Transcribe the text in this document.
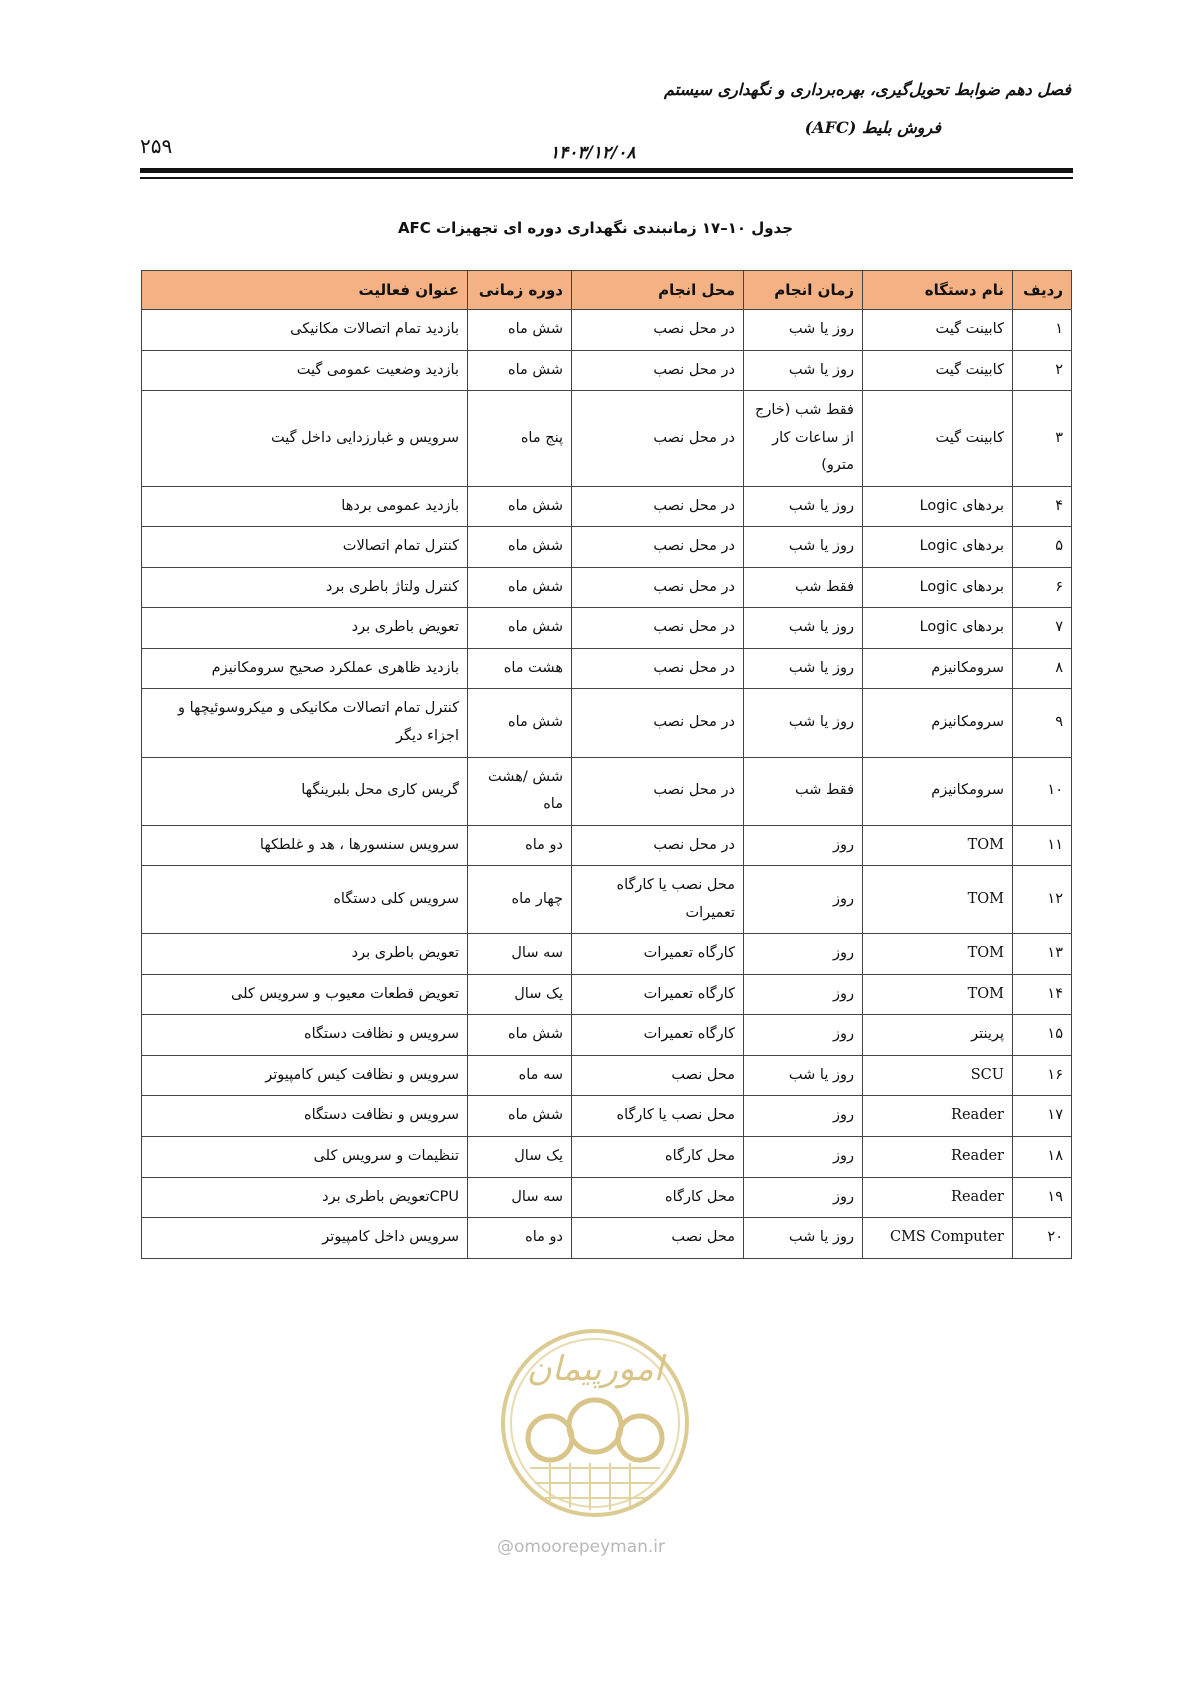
فصل دهم ضوابط تحویل‌گیری، بهره‌برداری و نگهداری سیستم
فروش بلیط (AFC)
۱۴۰۳/۱۲/۰۸
۲۵۹
جدول ۱۰–۱۷ زمانبندی نگهداری دوره ای تجهیزات AFC
ردیف	نام دستگاه	زمان انجام	محل انجام	دوره زمانی	عنوان فعالیت
۱	کابینت گیت	روز یا شب	در محل نصب	شش ماه	بازدید تمام اتصالات مکانیکی
۲	کابینت گیت	روز یا شب	در محل نصب	شش ماه	بازدید وضعیت عمومی گیت
۳	کابینت گیت	فقط شب (خارج از ساعات کار مترو)	در محل نصب	پنج ماه	سرویس و غبارزدایی داخل گیت
۴	بردهای Logic	روز یا شب	در محل نصب	شش ماه	بازدید عمومی بردها
۵	بردهای Logic	روز یا شب	در محل نصب	شش ماه	کنترل تمام اتصالات
۶	بردهای Logic	فقط شب	در محل نصب	شش ماه	کنترل ولتاژ باطری برد
۷	بردهای Logic	روز یا شب	در محل نصب	شش ماه	تعویض باطری برد
۸	سرومکانیزم	روز یا شب	در محل نصب	هشت ماه	بازدید ظاهری عملکرد صحیح سرومکانیزم
۹	سرومکانیزم	روز یا شب	در محل نصب	شش ماه	کنترل تمام اتصالات مکانیکی و میکروسوئیچها و اجزاء دیگر
۱۰	سرومکانیزم	فقط شب	در محل نصب	شش /هشت ماه	گریس کاری محل بلبرینگها
۱۱	TOM	روز	در محل نصب	دو ماه	سرویس سنسورها ، هد و غلطکها
۱۲	TOM	روز	محل نصب یا کارگاه تعمیرات	چهار ماه	سرویس کلی دستگاه
۱۳	TOM	روز	کارگاه تعمیرات	سه سال	تعویض باطری برد
۱۴	TOM	روز	کارگاه تعمیرات	یک سال	تعویض قطعات معیوب و سرویس کلی
۱۵	پرینتر	روز	کارگاه تعمیرات	شش ماه	سرویس و نظافت دستگاه
۱۶	SCU	روز یا شب	محل نصب	سه ماه	سرویس و نظافت کیس کامپیوتر
۱۷	Reader	روز	محل نصب یا کارگاه	شش ماه	سرویس و نظافت دستگاه
۱۸	Reader	روز	محل کارگاه	یک سال	تنظیمات و سرویس کلی
۱۹	Reader	روز	محل کارگاه	سه سال	CPUتعویض باطری برد
۲۰	CMS Computer	روز یا شب	محل نصب	دو ماه	سرویس داخل کامپیوتر
امورپیمان
@omoorepeyman.ir
